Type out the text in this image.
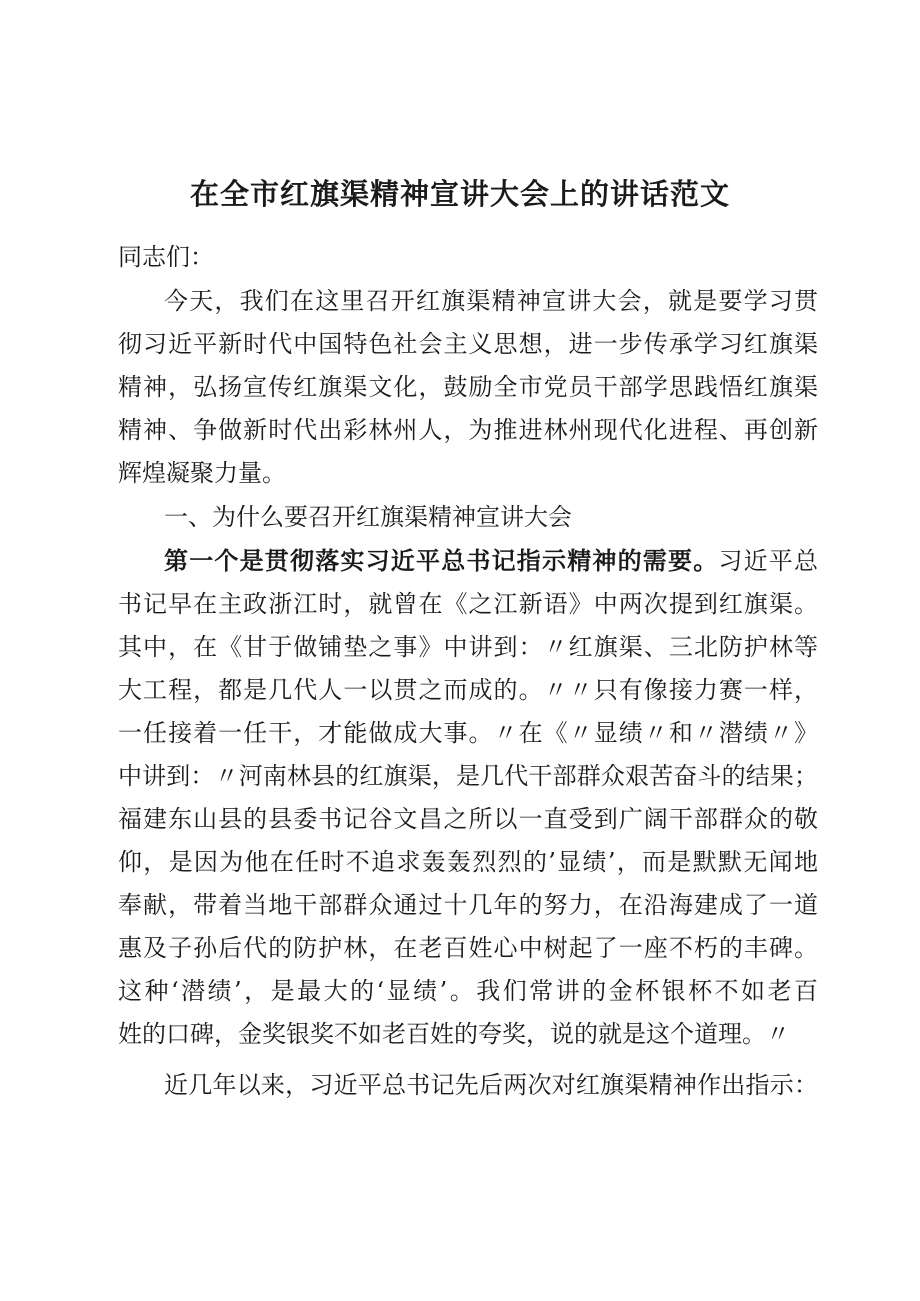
在全市红旗渠精神宣讲大会上的讲话范文
同志们：
今天，我们在这里召开红旗渠精神宣讲大会，就是要学习贯
彻习近平新时代中国特色社会主义思想，进一步传承学习红旗渠
精神，弘扬宣传红旗渠文化，鼓励全市党员干部学思践悟红旗渠
精神、争做新时代出彩林州人，为推进林州现代化进程、再创新
辉煌凝聚力量。
一、为什么要召开红旗渠精神宣讲大会
第一个是贯彻落实习近平总书记指示精神的需要。习近平总
书记早在主政浙江时，就曾在《之江新语》中两次提到红旗渠。
其中，在《甘于做铺垫之事》中讲到：〃红旗渠、三北防护林等
大工程，都是几代人一以贯之而成的。〃〃只有像接力赛一样，
一任接着一任干，才能做成大事。〃在《〃显绩〃和〃潜绩〃》
中讲到：〃河南林县的红旗渠，是几代干部群众艰苦奋斗的结果；
福建东山县的县委书记谷文昌之所以一直受到广阔干部群众的敬
仰，是因为他在任时不追求轰轰烈烈的’显绩’，而是默默无闻地
奉献，带着当地干部群众通过十几年的努力，在沿海建成了一道
惠及子孙后代的防护林，在老百姓心中树起了一座不朽的丰碑。
这种‘潜绩’，是最大的‘显绩’。我们常讲的金杯银杯不如老百
姓的口碑，金奖银奖不如老百姓的夸奖，说的就是这个道理。〃
近几年以来，习近平总书记先后两次对红旗渠精神作出指示：
